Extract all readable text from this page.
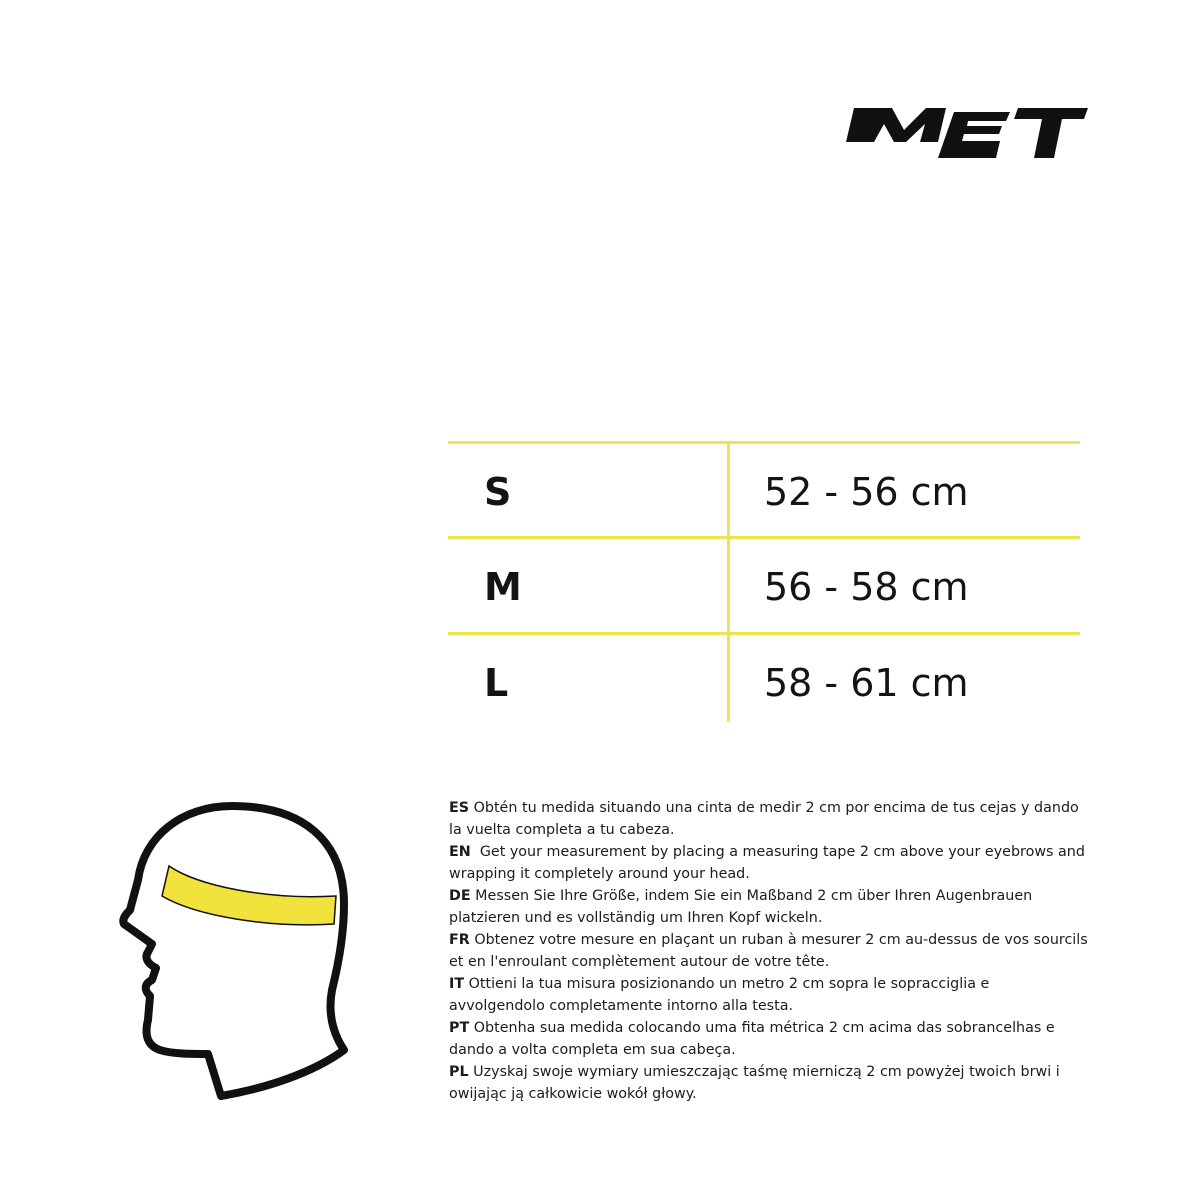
S	52 - 56 cm
M	56 - 58 cm
L	58 - 61 cm

ES Obtén tu medida situando una cinta de medir 2 cm por encima de tus cejas y dando la vuelta completa a tu cabeza.

EN  Get your measurement by placing a measuring tape 2 cm above your eyebrows and wrapping it completely around your head.

DE Messen Sie Ihre Größe, indem Sie ein Maßband 2 cm über Ihren Augenbrauen platzieren und es vollständig um Ihren Kopf wickeln.

FR Obtenez votre mesure en plaçant un ruban à mesurer 2 cm au-dessus de vos sourcils et en l'enroulant complètement autour de votre tête.

IT Ottieni la tua misura posizionando un metro 2 cm sopra le sopracciglia e avvolgendolo completamente intorno alla testa.

PT Obtenha sua medida colocando uma fita métrica 2 cm acima das sobrancelhas e dando a volta completa em sua cabeça.

PL Uzyskaj swoje wymiary umieszczając taśmę mierniczą 2 cm powyżej twoich brwi i owijając ją całkowicie wokół głowy.
